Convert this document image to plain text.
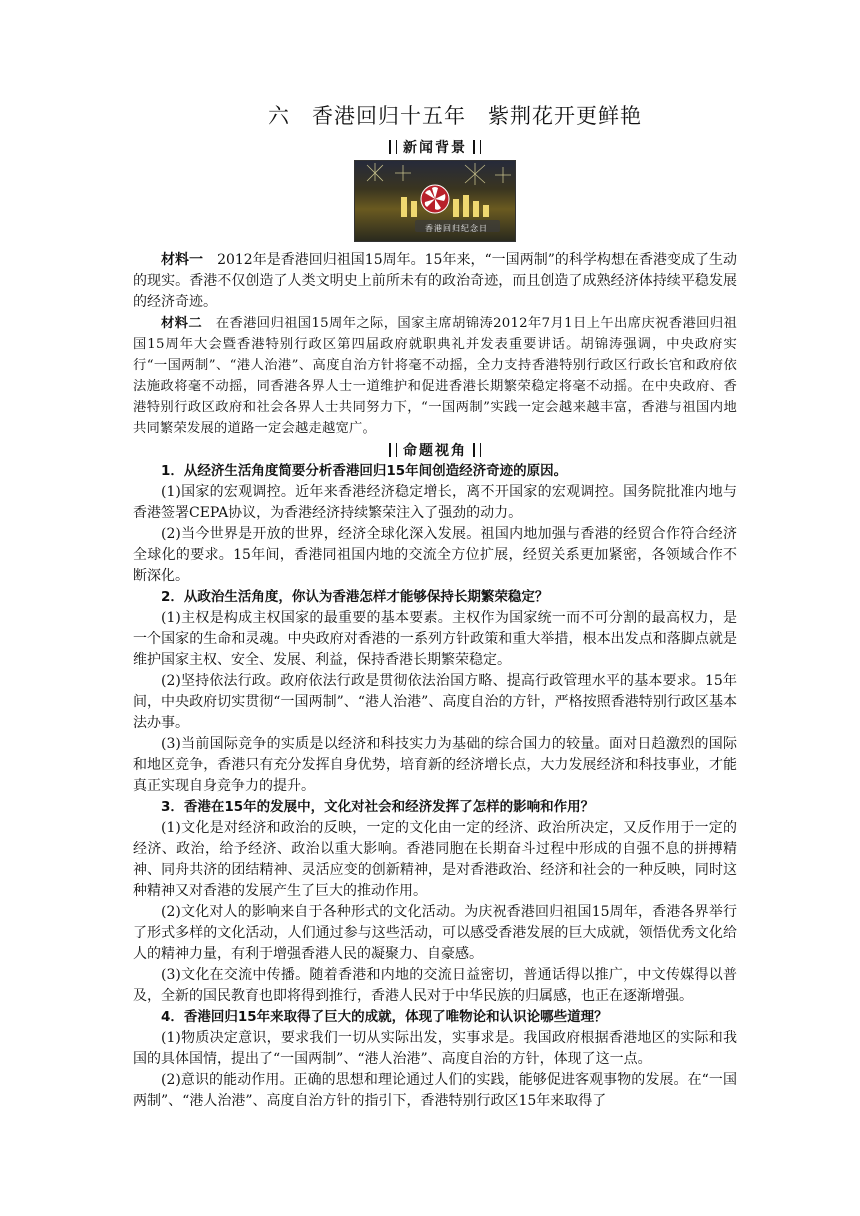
六　香港回归十五年　紫荆花开更鲜艳
新闻背景
香港回归纪念日

材料一　 2012年是香港回归祖国15周年。15年来，“一国两制”的科学构想在香港变成了生动的现实。香港不仅创造了人类文明史上前所未有的政治奇迹，而且创造了成熟经济体持续平稳发展的经济奇迹。

材料二　 在香港回归祖国15周年之际，国家主席胡锦涛2012年7月1日上午出席庆祝香港回归祖国15周年大会暨香港特别行政区第四届政府就职典礼并发表重要讲话。胡锦涛强调，中央政府实行“一国两制”、“港人治港”、高度自治方针将毫不动摇，全力支持香港特别行政区行政长官和政府依法施政将毫不动摇，同香港各界人士一道维护和促进香港长期繁荣稳定将毫不动摇。在中央政府、香港特别行政区政府和社会各界人士共同努力下，“一国两制”实践一定会越来越丰富，香港与祖国内地共同繁荣发展的道路一定会越走越宽广。

命题视角

1．从经济生活角度简要分析香港回归15年间创造经济奇迹的原因。

(1)国家的宏观调控。近年来香港经济稳定增长，离不开国家的宏观调控。国务院批准内地与香港签署CEPA协议，为香港经济持续繁荣注入了强劲的动力。

(2)当今世界是开放的世界，经济全球化深入发展。祖国内地加强与香港的经贸合作符合经济全球化的要求。15年间，香港同祖国内地的交流全方位扩展，经贸关系更加紧密，各领域合作不断深化。

2．从政治生活角度，你认为香港怎样才能够保持长期繁荣稳定？

(1)主权是构成主权国家的最重要的基本要素。主权作为国家统一而不可分割的最高权力，是一个国家的生命和灵魂。中央政府对香港的一系列方针政策和重大举措，根本出发点和落脚点就是维护国家主权、安全、发展、利益，保持香港长期繁荣稳定。

(2)坚持依法行政。政府依法行政是贯彻依法治国方略、提高行政管理水平的基本要求。15年间，中央政府切实贯彻“一国两制”、“港人治港”、高度自治的方针，严格按照香港特别行政区基本法办事。

(3)当前国际竞争的实质是以经济和科技实力为基础的综合国力的较量。面对日趋激烈的国际和地区竞争，香港只有充分发挥自身优势，培育新的经济增长点，大力发展经济和科技事业，才能真正实现自身竞争力的提升。

3．香港在15年的发展中，文化对社会和经济发挥了怎样的影响和作用？

(1)文化是对经济和政治的反映，一定的文化由一定的经济、政治所决定，又反作用于一定的经济、政治，给予经济、政治以重大影响。香港同胞在长期奋斗过程中形成的自强不息的拼搏精神、同舟共济的团结精神、灵活应变的创新精神，是对香港政治、经济和社会的一种反映，同时这种精神又对香港的发展产生了巨大的推动作用。

(2)文化对人的影响来自于各种形式的文化活动。为庆祝香港回归祖国15周年，香港各界举行了形式多样的文化活动，人们通过参与这些活动，可以感受香港发展的巨大成就，领悟优秀文化给人的精神力量，有利于增强香港人民的凝聚力、自豪感。

(3)文化在交流中传播。随着香港和内地的交流日益密切，普通话得以推广，中文传媒得以普及，全新的国民教育也即将得到推行，香港人民对于中华民族的归属感，也正在逐渐增强。

4．香港回归15年来取得了巨大的成就，体现了唯物论和认识论哪些道理？

(1)物质决定意识，要求我们一切从实际出发，实事求是。我国政府根据香港地区的实际和我国的具体国情，提出了“一国两制”、“港人治港”、高度自治的方针，体现了这一点。

(2)意识的能动作用。正确的思想和理论通过人们的实践，能够促进客观事物的发展。在“一国两制”、“港人治港”、高度自治方针的指引下，香港特别行政区15年来取得了
